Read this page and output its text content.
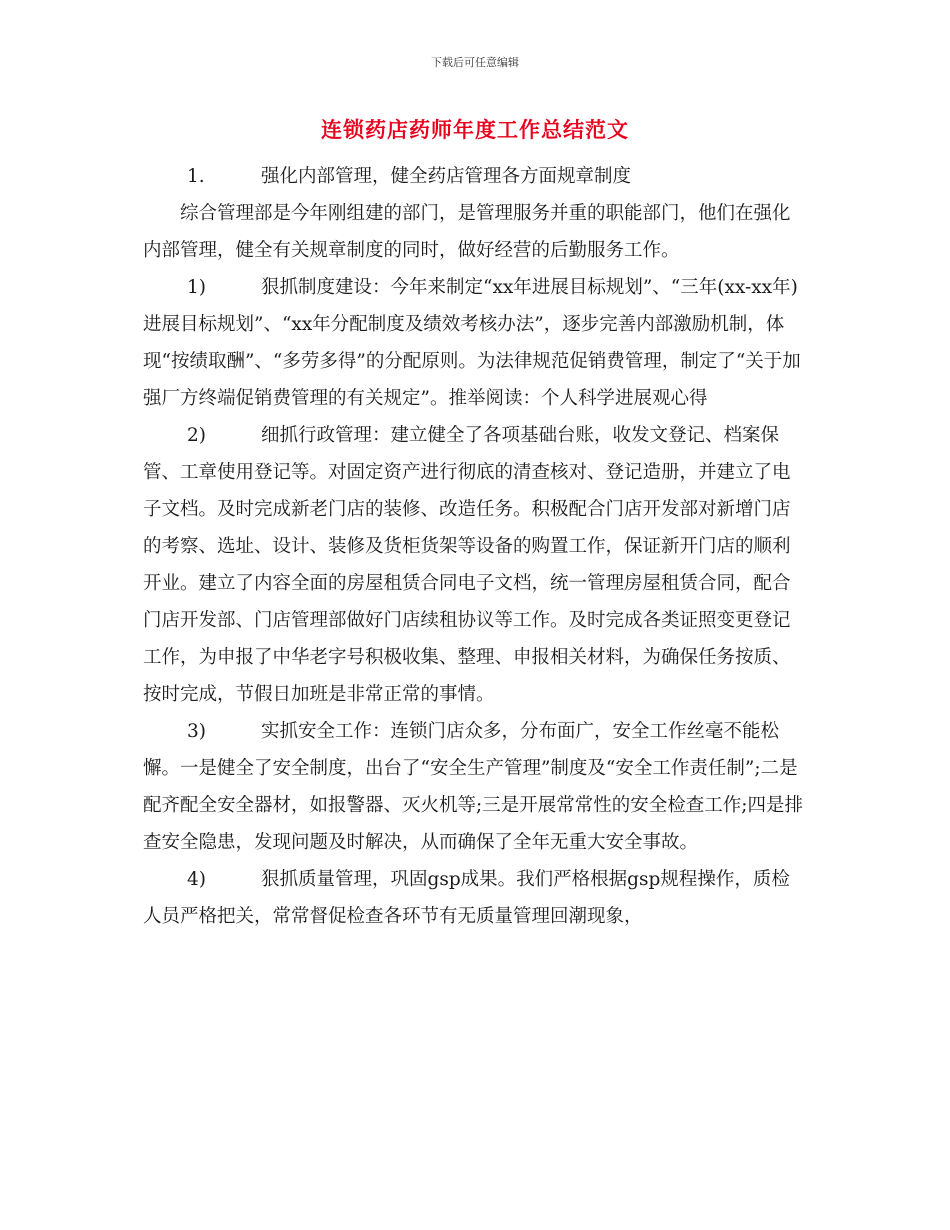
下载后可任意编辑
连锁药店药师年度工作总结范文

1.	强化内部管理，健全药店管理各方面规章制度

综合管理部是今年刚组建的部门，是管理服务并重的职能部门，他们在强化内部管理，健全有关规章制度的同时，做好经营的后勤服务工作。

1)	狠抓制度建设：今年来制定“xx年进展目标规划”、“三年(xx-xx年)进展目标规划”、“xx年分配制度及绩效考核办法”，逐步完善内部激励机制，体现“按绩取酬”、“多劳多得”的分配原则。为法律规范促销费管理，制定了“关于加强厂方终端促销费管理的有关规定”。推举阅读：个人科学进展观心得

2)	细抓行政管理：建立健全了各项基础台账，收发文登记、档案保管、工章使用登记等。对固定资产进行彻底的清查核对、登记造册，并建立了电子文档。及时完成新老门店的装修、改造任务。积极配合门店开发部对新增门店的考察、选址、设计、装修及货柜货架等设备的购置工作，保证新开门店的顺利开业。建立了内容全面的房屋租赁合同电子文档，统一管理房屋租赁合同，配合门店开发部、门店管理部做好门店续租协议等工作。及时完成各类证照变更登记工作，为申报了中华老字号积极收集、整理、申报相关材料，为确保任务按质、按时完成，节假日加班是非常正常的事情。

3)	实抓安全工作：连锁门店众多，分布面广，安全工作丝毫不能松懈。一是健全了安全制度，出台了“安全生产管理”制度及“安全工作责任制”;二是配齐配全安全器材，如报警器、灭火机等;三是开展常常性的安全检查工作;四是排查安全隐患，发现问题及时解决，从而确保了全年无重大安全事故。

4)	狠抓质量管理，巩固gsp成果。我们严格根据gsp规程操作，质检人员严格把关，常常督促检查各环节有无质量管理回潮现象，
